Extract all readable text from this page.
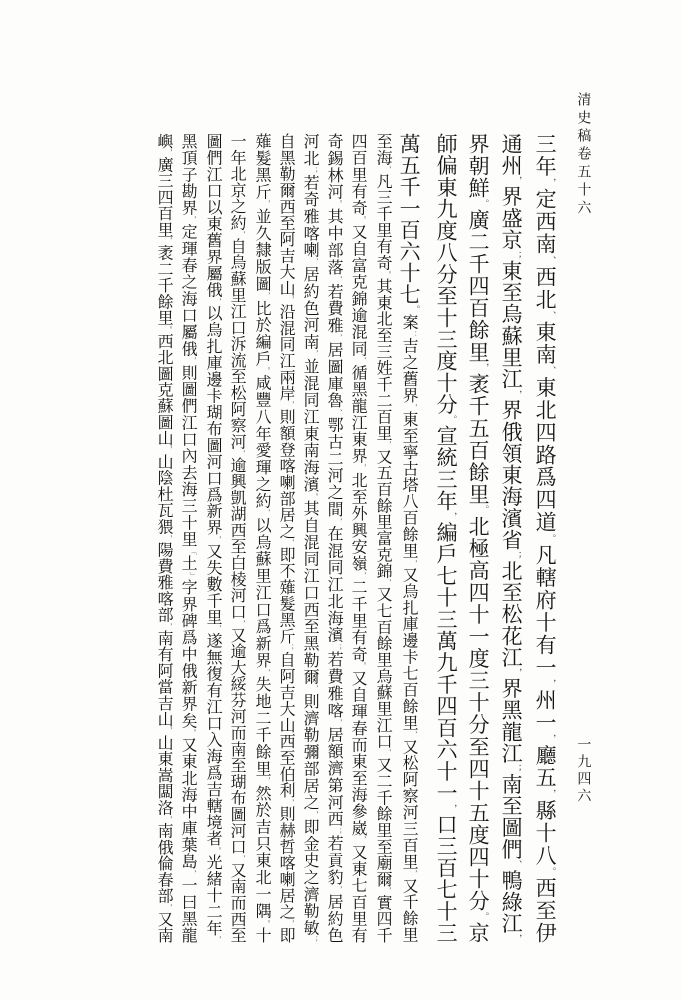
清史稿卷五十六
一九四六
三年，定西南、西北、東南、東北四路爲四道。凡轄府十有一，州一，廳五，縣十八。西至伊
通州，界盛京；東至烏蘇里江，界俄領東海濱省；北至松花江，界黑龍江；南至圖們、鴨綠江，
界朝鮮。廣二千四百餘里，袤千五百餘里。北極高四十一度三十分至四十五度四十分。京
師偏東九度八分至十三度十分。宣統三年，編戶七十三萬九千四百六十一，口三百七十三
萬五千一百六十七。案：吉之舊界，東至寧古塔八百餘里，又烏扎庫邊卡七百餘里，又松阿察河三百里，又千餘里
至海，凡三千里有奇。其東北至三姓千二百里，又五百餘里富克錦，又七百餘里烏蘇里江口，又二千餘里至廟爾，實四千
四百里有奇。又自富克錦逾混同，循黑龍江東界，北至外興安嶺，二千里有奇。又自琿春而東至海參崴，又東七百里有
奇錫林河。其中部落，若費雅，居圖庫魯、鄂古二河之間，在混同江北海濱；若費雅喀，居額濟第河西；若貢豹，居約色
河北；若奇雅喀喇，居約色河南，並混同江東南海濱。其自混同江口西至黑勒爾，則濟勒彌部居之，即金史之濟勒敏；
自黑勒爾西至阿吉大山，沿混同江兩岸，則額登喀喇部居之，即不薙髮黑斤；自阿吉大山西至伯利，則赫哲喀喇居之，即
薙髮黑斤，並久隸版圖，比於編戶。咸豐八年愛琿之約，以烏蘇里江口爲新界，失地二千餘里，然於吉只東北一隅。十
一年北京之約，自烏蘇里江口泝流至松阿察河，逾興凱湖西至白棱河口，又逾大綏芬河而南至瑚布圖河口，又南而西至
圖們江口以東舊界屬俄，以烏扎庫邊卡瑚布圖河口爲新界，又失數千里，遂無復有江口入海爲吉轄境者。光緒十二年，
黑頂子勘界，定琿春之海口屬俄，則圖們江口內去海三十里「土」字界碑爲中俄新界矣。又東北海中庫葉島，一曰黑龍
嶼，廣三四百里，袤二千餘里。西北圖克蘇圖山，山陰杜瓦猥，陽費雅喀部，南有阿當吉山，山東嵩闆洛，南俄倫春部，又南
